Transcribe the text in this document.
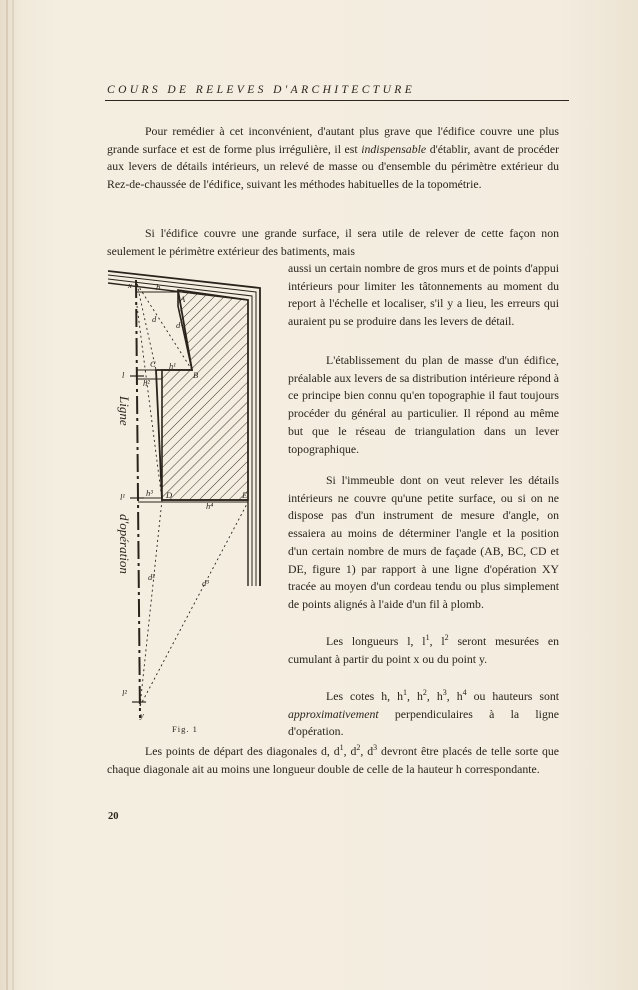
COURS DE RELEVES D'ARCHITECTURE
Pour remédier à cet inconvénient, d'autant plus grave que l'édifice couvre une plus grande surface et est de forme plus irrégulière, il est indispensable d'établir, avant de procéder aux levers de détails intérieurs, un relevé de masse ou d'ensemble du périmètre extérieur du Rez-de-chaussée de l'édifice, suivant les méthodes habituelles de la topométrie.
Si l'édifice couvre une grande surface, il sera utile de relever de cette façon non seulement le périmètre extérieur des batiments, mais
aussi un certain nombre de gros murs et de points d'appui intérieurs pour limiter les tâtonnements au moment du report à l'échelle et localiser, s'il y a lieu, les erreurs qui auraient pu se produire dans les levers de détail.
L'établissement du plan de masse d'un édifice, préalable aux levers de sa distribution intérieure répond à ce principe bien connu qu'en topographie il faut toujours procéder du général au particulier. Il répond au même but que le réseau de triangulation dans un lever topographique.
Si l'immeuble dont on veut relever les détails intérieurs ne couvre qu'une petite surface, ou si on ne dispose pas d'un instrument de mesure d'angle, on essaiera au moins de déterminer l'angle et la position d'un certain nombre de murs de façade (AB, BC, CD et DE, figure 1) par rapport à une ligne d'opération XY tracée au moyen d'un cordeau tendu ou plus simplement de points alignés à l'aide d'un fil à plomb.
Les longueurs l, $l^1$, $l^2$ seront mesurées en cumulant à partir du point x ou du point y.
Les cotes h, $h^1$, $h^2$, $h^3$, $h^4$ ou hauteurs sont approximativement perpendiculaires à la ligne d'opération.
Les points de départ des diagonales d, $d^1$, $d^2$, $d^3$ devront être placés de telle sorte que chaque diagonale ait au moins une longueur double de celle de la hauteur h correspondante.
x	h
A
B
C
D	E
h¹
h²
h³
h⁴
l
l¹
l²
y
d
d¹
d²
d³
Ligne
d'opération
Fig. 1
20
